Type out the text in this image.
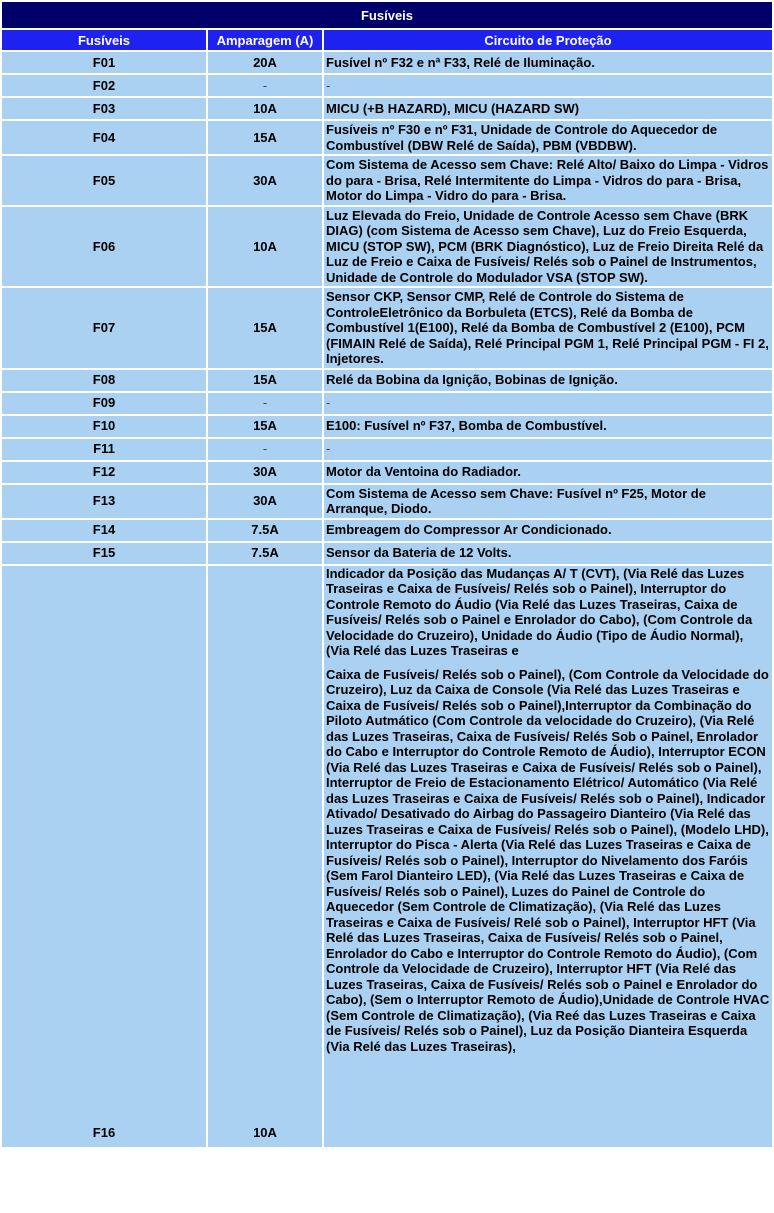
Fusíveis		
Fusíveis	Amparagem (A)	Circuito de Proteção
F01	20A	Fusível nº F32 e nª F33, Relé de Iluminação.
F02	-	-
F03	10A	MICU (+B HAZARD), MICU (HAZARD SW)
F04	15A	Fusíveis nº F30 e nº F31, Unidade de Controle do Aquecedor de Combustível (DBW Relé de Saída), PBM (VBDBW).
F05	30A	Com Sistema de Acesso sem Chave: Relé Alto/ Baixo do Limpa - Vidros do para - Brisa, Relé Intermitente do Limpa - Vidros do para - Brisa, Motor do Limpa - Vidro do para - Brisa.
F06	10A	Luz Elevada do Freio, Unidade de Controle Acesso sem Chave (BRK DIAG) (com Sistema de Acesso sem Chave), Luz do Freio Esquerda, MICU (STOP SW), PCM (BRK Diagnóstico), Luz de Freio Direita Relé da Luz de Freio e Caixa de Fusíveis/ Relés sob o Painel de Instrumentos, Unidade de Controle do Modulador VSA (STOP SW).
F07	15A	Sensor CKP, Sensor CMP, Relé de Controle do Sistema de ControleEletrônico da Borbuleta (ETCS), Relé da Bomba de Combustível 1(E100), Relé da Bomba de Combustível 2 (E100), PCM (FIMAIN Relé de Saída), Relé Principal PGM 1, Relé Principal PGM - FI 2, Injetores.
F08	15A	Relé da Bobina da Ignição, Bobinas de Ignição.
F09	-	-
F10	15A	E100: Fusível nº F37, Bomba de Combustível.
F11	-	-
F12	30A	Motor da Ventoina do Radiador.
F13	30A	Com Sistema de Acesso sem Chave: Fusível nº F25, Motor de Arranque, Diodo.
F14	7.5A	Embreagem do Compressor Ar Condicionado.
F15	7.5A	Sensor da Bateria de 12 Volts.
F16	10A	Indicador da Posição das Mudanças A/ T (CVT), (Via Relé das Luzes Traseiras e Caixa de Fusíveis/ Relés sob o Painel), Interruptor do Controle Remoto do Áudio (Via Relé das Luzes Traseiras, Caixa de Fusíveis/ Relés sob o Painel e Enrolador do Cabo), (Com Controle da Velocidade do Cruzeiro), Unidade do Áudio (Tipo de Áudio Normal), (Via Relé das Luzes Traseiras e
Caixa de Fusíveis/ Relés sob o Painel), (Com Controle da Velocidade do Cruzeiro), Luz da Caixa de Console (Via Relé das Luzes Traseiras e Caixa de Fusíveis/ Relés sob o Painel),Interruptor da Combinação do Piloto Autmático (Com Controle da velocidade do Cruzeiro), (Via Relé das Luzes Traseiras, Caixa de Fusíveis/ Relés Sob o Painel, Enrolador do Cabo e Interruptor do Controle Remoto de Áudio), Interruptor ECON (Via Relé das Luzes Traseiras e Caixa de Fusíveis/ Relés sob o Painel), Interruptor de Freio de Estacionamento Elétrico/ Automático (Via Relé das Luzes Traseiras e Caixa de Fusíveis/ Relés sob o Painel), Indicador Ativado/ Desativado do Airbag do Passageiro Dianteiro (Via Relé das Luzes Traseiras e Caixa de Fusíveis/ Relés sob o Painel), (Modelo LHD), Interruptor do Pisca - Alerta (Via Relé das Luzes Traseiras e Caixa de Fusíveis/ Relés sob o Painel), Interruptor do Nivelamento dos Faróis (Sem Farol Dianteiro LED), (Via Relé das Luzes Traseiras e Caixa de Fusíveis/ Relés sob o Painel), Luzes do Painel de Controle do Aquecedor (Sem Controle de Climatização), (Via Relé das Luzes Traseiras e Caixa de Fusíveis/ Relé sob o Painel), Interruptor HFT (Via Relé das Luzes Traseiras, Caixa de Fusíveis/ Relés sob o Painel, Enrolador do Cabo e Interruptor do Controle Remoto do Áudio), (Com Controle da Velocidade de Cruzeiro), Interruptor HFT (Via Relé das Luzes Traseiras, Caixa de Fusíveis/ Relés sob o Painel e Enrolador do Cabo), (Sem o Interruptor Remoto de Áudio),Unidade de Controle HVAC (Sem Controle de Climatização), (Via Reé das Luzes Traseiras e Caixa de Fusíveis/ Relés sob o Painel), Luz da Posição Dianteira Esquerda (Via Relé das Luzes Traseiras),
